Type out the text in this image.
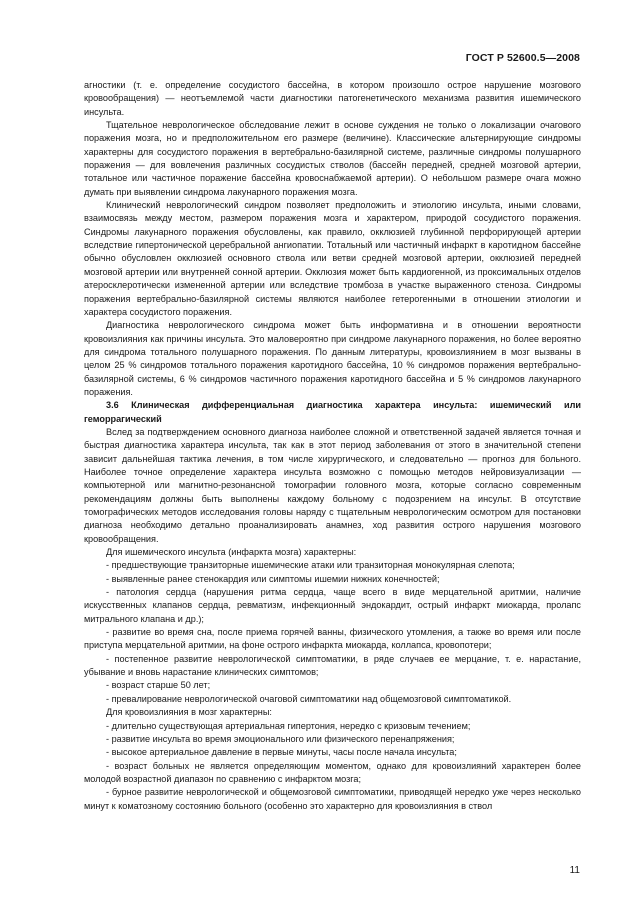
ГОСТ Р 52600.5—2008

агностики (т. е. определение сосудистого бассейна, в котором произошло острое нарушение мозгового кровообращения) — неотъемлемой части диагностики патогенетического механизма развития ишемического инсульта.

Тщательное неврологическое обследование лежит в основе суждения не только о локализации очагового поражения мозга, но и предположительном его размере (величине). Классические альтернирующие синдромы характерны для сосудистого поражения в вертебрально-базилярной системе, различные синдромы полушарного поражения — для вовлечения различных сосудистых стволов (бассейн передней, средней мозговой артерии, тотальное или частичное поражение бассейна кровоснабжаемой артерии). О небольшом размере очага можно думать при выявлении синдрома лакунарного поражения мозга.

Клинический неврологический синдром позволяет предположить и этиологию инсульта, иными словами, взаимосвязь между местом, размером поражения мозга и характером, природой сосудистого поражения. Синдромы лакунарного поражения обусловлены, как правило, окклюзией глубинной перфорирующей артерии вследствие гипертонической церебральной ангиопатии. Тотальный или частичный инфаркт в каротидном бассейне обычно обусловлен окклюзией основного ствола или ветви средней мозговой артерии, окклюзией передней мозговой артерии или внутренней сонной артерии. Окклюзия может быть кардиогенной, из проксимальных отделов атеросклеротически измененной артерии или вследствие тромбоза в участке выраженного стеноза. Синдромы поражения вертебрально-базилярной системы являются наиболее гетерогенными в отношении этиологии и характера сосудистого поражения.

Диагностика неврологического синдрома может быть информативна и в отношении вероятности кровоизлияния как причины инсульта. Это маловероятно при синдроме лакунарного поражения, но более вероятно для синдрома тотального полушарного поражения. По данным литературы, кровоизлиянием в мозг вызваны в целом 25 % синдромов тотального поражения каротидного бассейна, 10 % синдромов поражения вертебрально-базилярной системы, 6 % синдромов частичного поражения каротидного бассейна и 5 % синдромов лакунарного поражения.

3.6 Клиническая дифференциальная диагностика характера инсульта: ишемический или геморрагический

Вслед за подтверждением основного диагноза наиболее сложной и ответственной задачей является точная и быстрая диагностика характера инсульта, так как в этот период заболевания от этого в значительной степени зависит дальнейшая тактика лечения, в том числе хирургического, и следовательно — прогноз для больного. Наиболее точное определение характера инсульта возможно с помощью методов нейровизуализации — компьютерной или магнитно-резонансной томографии головного мозга, которые согласно современным рекомендациям должны быть выполнены каждому больному с подозрением на инсульт. В отсутствие томографических методов исследования головы наряду с тщательным неврологическим осмотром для постановки диагноза необходимо детально проанализировать анамнез, ход развития острого нарушения мозгового кровообращения.

Для ишемического инсульта (инфаркта мозга) характерны:

- предшествующие транзиторные ишемические атаки или транзиторная монокулярная слепота;

- выявленные ранее стенокардия или симптомы ишемии нижних конечностей;

- патология сердца (нарушения ритма сердца, чаще всего в виде мерцательной аритмии, наличие искусственных клапанов сердца, ревматизм, инфекционный эндокардит, острый инфаркт миокарда, пролапс митрального клапана и др.);

- развитие во время сна, после приема горячей ванны, физического утомления, а также во время или после приступа мерцательной аритмии, на фоне острого инфаркта миокарда, коллапса, кровопотери;

- постепенное развитие неврологической симптоматики, в ряде случаев ее мерцание, т. е. нарастание, убывание и вновь нарастание клинических симптомов;

- возраст старше 50 лет;

- превалирование неврологической очаговой симптоматики над общемозговой симптоматикой.

Для кровоизлияния в мозг характерны:

- длительно существующая артериальная гипертония, нередко с кризовым течением;

- развитие инсульта во время эмоционального или физического перенапряжения;

- высокое артериальное давление в первые минуты, часы после начала инсульта;

- возраст больных не является определяющим моментом, однако для кровоизлияний характерен более молодой возрастной диапазон по сравнению с инфарктом мозга;

- бурное развитие неврологической и общемозговой симптоматики, приводящей нередко уже через несколько минут к коматозному состоянию больного (особенно это характерно для кровоизлияния в ствол

11
